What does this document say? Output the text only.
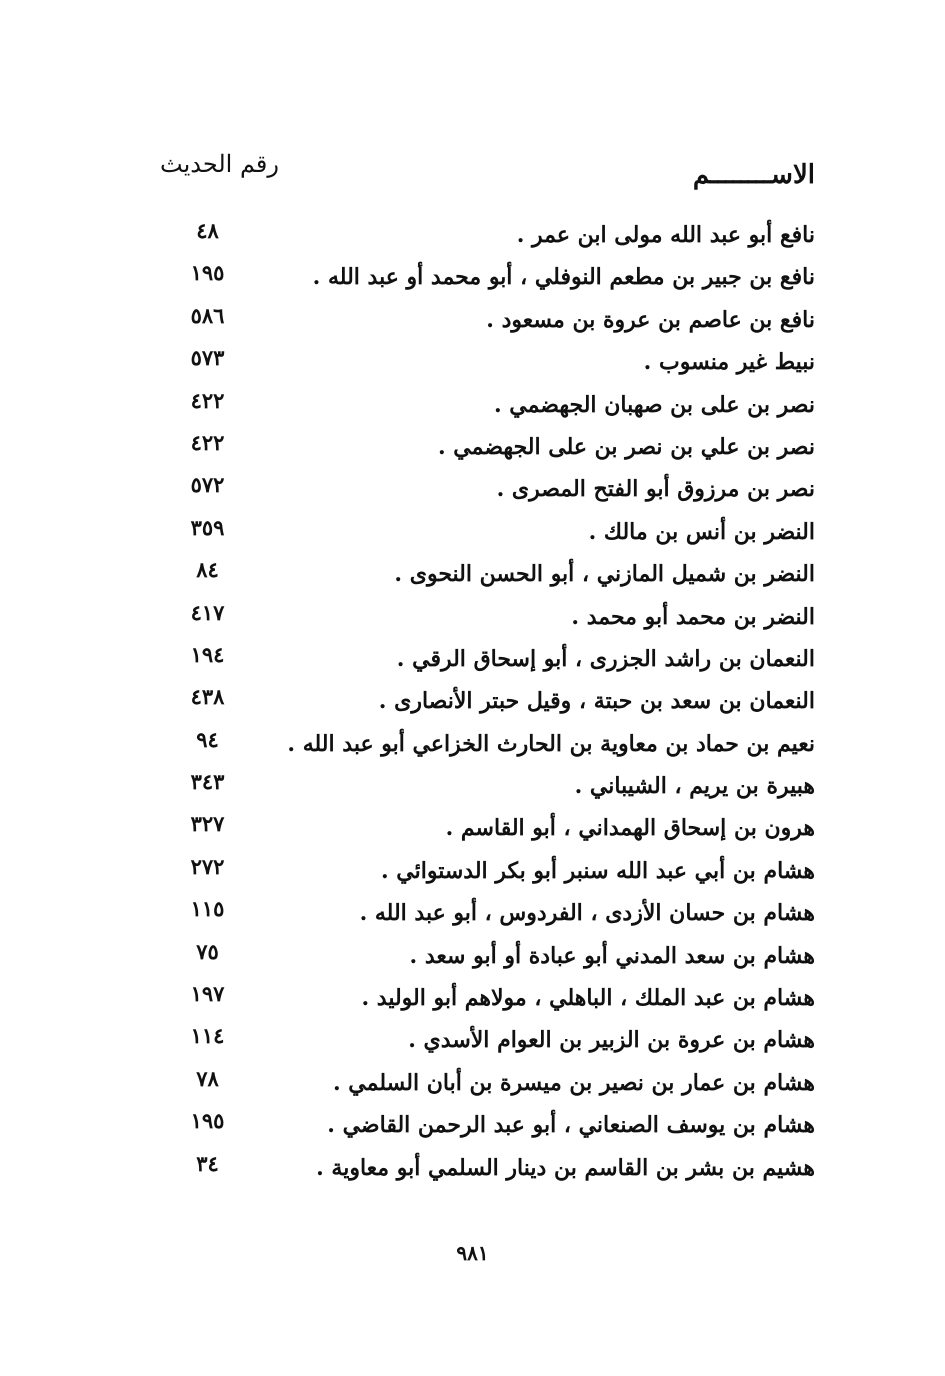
الاســــــــم
رقم الحديث
نافع أبو عبد الله مولى ابن عمر .
٤٨
نافع بن جبير بن مطعم النوفلي ، أبو محمد أو عبد الله .
١٩٥
نافع بن عاصم بن عروة بن مسعود .
٥٨٦
نبيط غير منسوب .
٥٧٣
نصر بن على بن صهبان الجهضمي .
٤٢٢
نصر بن علي بن نصر بن على الجهضمي .
٤٢٢
نصر بن مرزوق أبو الفتح المصرى .
٥٧٢
النضر بن أنس بن مالك .
٣٥٩
النضر بن شميل المازني ، أبو الحسن النحوى .
٨٤
النضر بن محمد أبو محمد .
٤١٧
النعمان بن راشد الجزرى ، أبو إسحاق الرقي .
١٩٤
النعمان بن سعد بن حبتة ، وقيل حبتر الأنصارى .
٤٣٨
نعيم بن حماد بن معاوية بن الحارث الخزاعي أبو عبد الله .
٩٤
هبيرة بن يريم ، الشيباني .
٣٤٣
هرون بن إسحاق الهمداني ، أبو القاسم .
٣٢٧
هشام بن أبي عبد الله سنبر أبو بكر الدستوائي .
٢٧٢
هشام بن حسان الأزدى ، الفردوس ، أبو عبد الله .
١١٥
هشام بن سعد المدني أبو عبادة أو أبو سعد .
٧٥
هشام بن عبد الملك ، الباهلي ، مولاهم أبو الوليد .
١٩٧
هشام بن عروة بن الزبير بن العوام الأسدي .
١١٤
هشام بن عمار بن نصير بن ميسرة بن أبان السلمي .
٧٨
هشام بن يوسف الصنعاني ، أبو عبد الرحمن القاضي .
١٩٥
هشيم بن بشر بن القاسم بن دينار السلمي أبو معاوية .
٣٤
٩٨١
